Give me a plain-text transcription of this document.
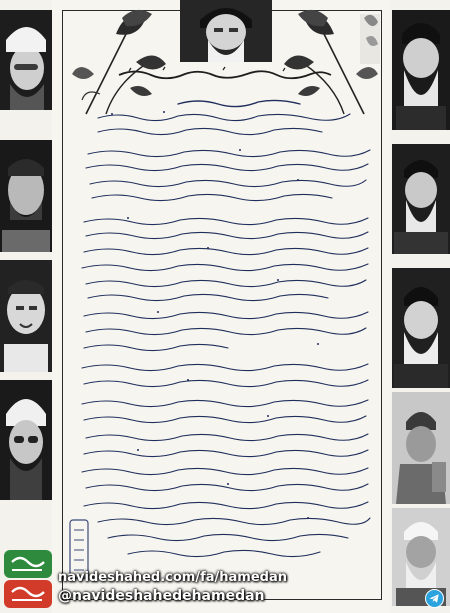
navideshahed.com/fa/hamedan
@navideshahedehamedan
